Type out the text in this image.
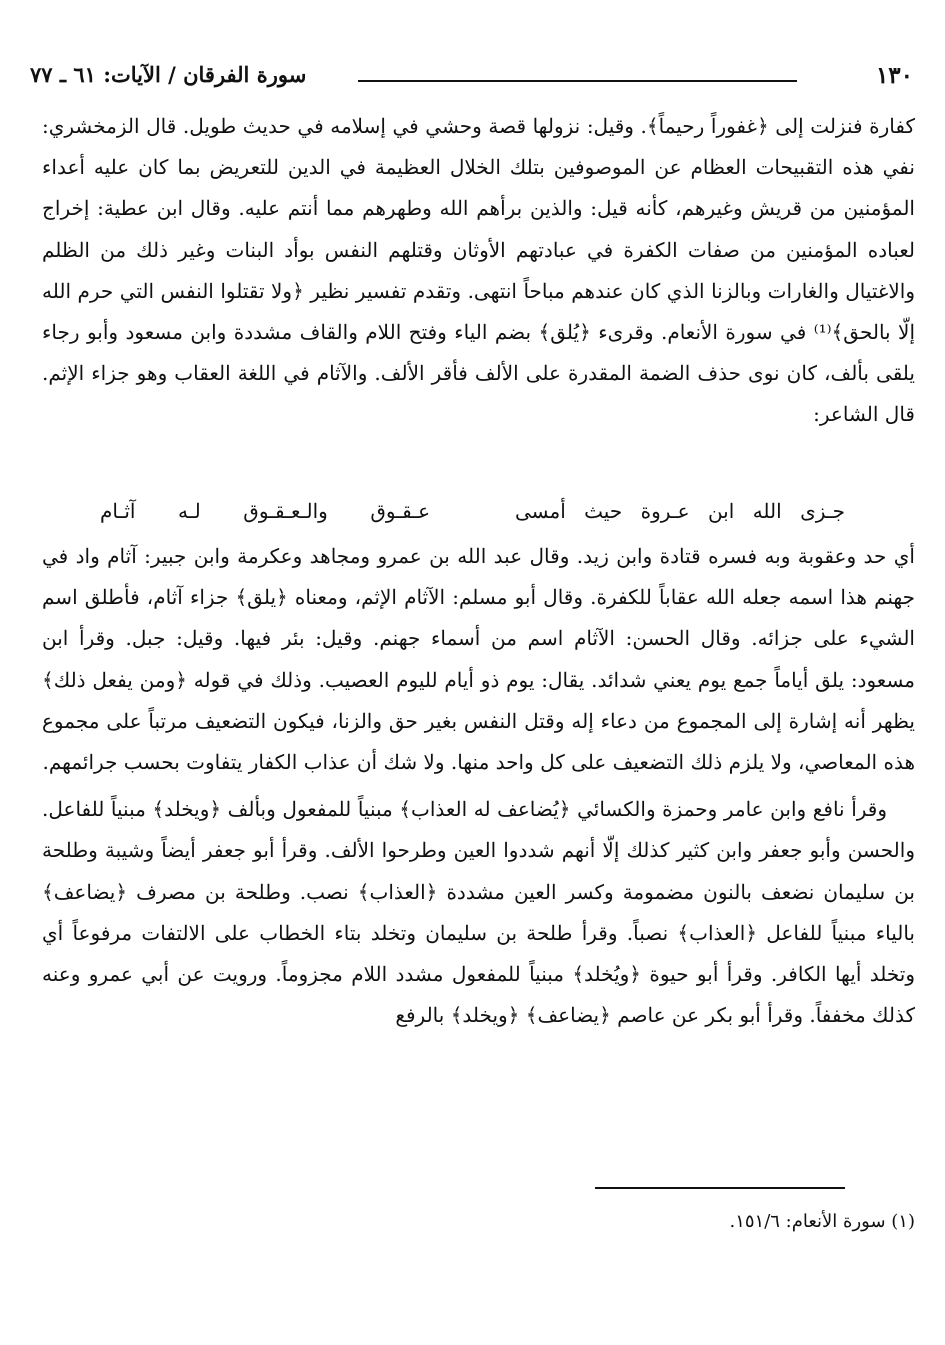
١٣٠
سورة الفرقان / الآيات: ٦١ ـ ٧٧

كفارة فنزلت إلى ﴿غفوراً رحيماً﴾. وقيل: نزولها قصة وحشي في إسلامه في حديث طويل. قال الزمخشري: نفي هذه التقبيحات العظام عن الموصوفين بتلك الخلال العظيمة في الدين للتعريض بما كان عليه أعداء المؤمنين من قريش وغيرهم، كأنه قيل: والذين برأهم الله وطهرهم مما أنتم عليه. وقال ابن عطية: إخراج لعباده المؤمنين من صفات الكفرة في عبادتهم الأوثان وقتلهم النفس بوأد البنات وغير ذلك من الظلم والاغتيال والغارات وبالزنا الذي كان عندهم مباحاً انتهى. وتقدم تفسير نظير ﴿ولا تقتلوا النفس التي حرم الله إلّا بالحق﴾⁽¹⁾ في سورة الأنعام. وقرىء ﴿يُلق﴾ بضم الياء وفتح اللام والقاف مشددة وابن مسعود وأبو رجاء يلقى بألف، كان نوى حذف الضمة المقدرة على الألف فأقر الألف. والآثام في اللغة العقاب وهو جزاء الإثم. قال الشاعر:

جـزى الله ابن عـروة حيث أمسى
عـقـوق والـعـقـوق لـه آثـام

أي حد وعقوبة وبه فسره قتادة وابن زيد. وقال عبد الله بن عمرو ومجاهد وعكرمة وابن جبير: آثام واد في جهنم هذا اسمه جعله الله عقاباً للكفرة. وقال أبو مسلم: الآثام الإثم، ومعناه ﴿يلق﴾ جزاء آثام، فأطلق اسم الشيء على جزائه. وقال الحسن: الآثام اسم من أسماء جهنم. وقيل: بئر فيها. وقيل: جبل. وقرأ ابن مسعود: يلق أياماً جمع يوم يعني شدائد. يقال: يوم ذو أيام لليوم العصيب. وذلك في قوله ﴿ومن يفعل ذلك﴾ يظهر أنه إشارة إلى المجموع من دعاء إله وقتل النفس بغير حق والزنا، فيكون التضعيف مرتباً على مجموع هذه المعاصي، ولا يلزم ذلك التضعيف على كل واحد منها. ولا شك أن عذاب الكفار يتفاوت بحسب جرائمهم.

وقرأ نافع وابن عامر وحمزة والكسائي ﴿يُضاعف له العذاب﴾ مبنياً للمفعول وبألف ﴿ويخلد﴾ مبنياً للفاعل. والحسن وأبو جعفر وابن كثير كذلك إلّا أنهم شددوا العين وطرحوا الألف. وقرأ أبو جعفر أيضاً وشيبة وطلحة بن سليمان نضعف بالنون مضمومة وكسر العين مشددة ﴿العذاب﴾ نصب. وطلحة بن مصرف ﴿يضاعف﴾ بالياء مبنياً للفاعل ﴿العذاب﴾ نصباً. وقرأ طلحة بن سليمان وتخلد بتاء الخطاب على الالتفات مرفوعاً أي وتخلد أيها الكافر. وقرأ أبو حيوة ﴿ويُخلد﴾ مبنياً للمفعول مشدد اللام مجزوماً. ورويت عن أبي عمرو وعنه كذلك مخففاً. وقرأ أبو بكر عن عاصم ﴿يضاعف﴾ ﴿ويخلد﴾ بالرفع

(١) سورة الأنعام: ١٥١/٦.
